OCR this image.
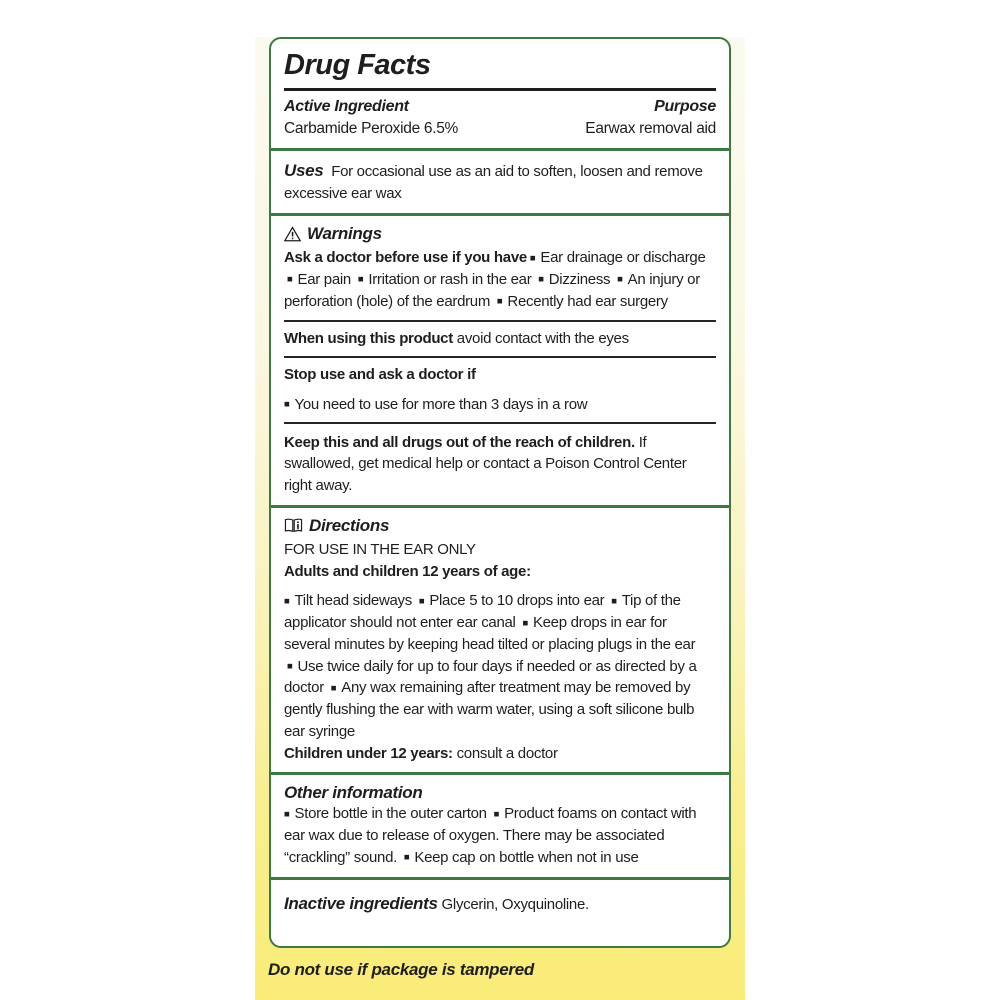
Drug Facts
Active Ingredient
Carbamide Peroxide 6.5%
Purpose
Earwax removal aid

Uses For occasional use as an aid to soften, loosen and remove excessive ear wax

Warnings

Ask a doctor before use if you have ■ Ear drainage or discharge ■ Ear pain ■ Irritation or rash in the ear ■ Dizziness ■ An injury or perforation (hole) of the eardrum ■ Recently had ear surgery

When using this product avoid contact with the eyes

Stop use and ask a doctor if

■ You need to use for more than 3 days in a row

Keep this and all drugs out of the reach of children. If swallowed, get medical help or contact a Poison Control Center right away.

Directions

FOR USE IN THE EAR ONLY

Adults and children 12 years of age:

■ Tilt head sideways ■ Place 5 to 10 drops into ear ■ Tip of the applicator should not enter ear canal ■ Keep drops in ear for several minutes by keeping head tilted or placing plugs in the ear ■ Use twice daily for up to four days if needed or as directed by a doctor ■ Any wax remaining after treatment may be removed by gently flushing the ear with warm water, using a soft silicone bulb ear syringe

Children under 12 years: consult a doctor

Other information

■ Store bottle in the outer carton ■ Product foams on contact with ear wax due to release of oxygen. There may be associated “crackling” sound. ■ Keep cap on bottle when not in use

Inactive ingredients Glycerin, Oxyquinoline.

Do not use if package is tampered
